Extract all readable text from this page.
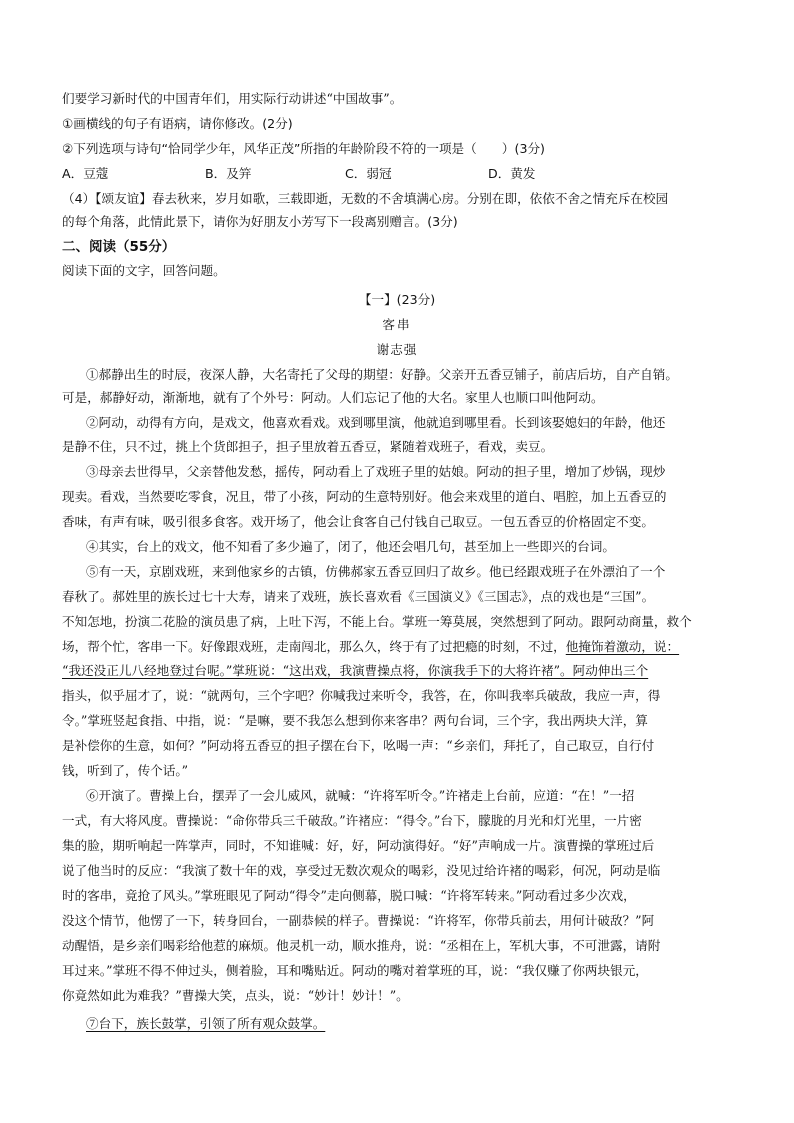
们要学习新时代的中国青年们，用实际行动讲述“中国故事”。
①画横线的句子有语病，请你修改。(2分)
②下列选项与诗句“恰同学少年，风华正茂”所指的年龄阶段不符的一项是（　　）(3分)
A．豆蔻	B．及笄	C．弱冠	D．黄发
（4）【颂友谊】春去秋来，岁月如歌，三载即逝，无数的不舍填满心房。分别在即，依依不舍之情充斥在校园
的每个角落，此情此景下，请你为好朋友小芳写下一段离别赠言。(3分)
二、阅读（55分）
阅读下面的文字，回答问题。
【一】(23分)
客串
谢志强
①郝静出生的时辰，夜深人静，大名寄托了父母的期望：好静。父亲开五香豆铺子，前店后坊，自产自销。
可是，郝静好动，渐渐地，就有了个外号：阿动。人们忘记了他的大名。家里人也顺口叫他阿动。
②阿动，动得有方向，是戏文，他喜欢看戏。戏到哪里演，他就追到哪里看。长到该娶媳妇的年龄，他还
是静不住，只不过，挑上个货郎担子，担子里放着五香豆，紧随着戏班子，看戏，卖豆。
③母亲去世得早，父亲替他发愁，摇传，阿动看上了戏班子里的姑娘。阿动的担子里，增加了炒锅，现炒
现卖。看戏，当然要吃零食，况且，带了小孩，阿动的生意特别好。他会来戏里的道白、唱腔，加上五香豆的
香味，有声有味，吸引很多食客。戏开场了，他会让食客自己付钱自己取豆。一包五香豆的价格固定不变。
④其实，台上的戏文，他不知看了多少遍了，闭了，他还会唱几句，甚至加上一些即兴的台词。
⑤有一天，京剧戏班，来到他家乡的古镇，仿佛郝家五香豆回归了故乡。他已经跟戏班子在外漂泊了一个
春秋了。郝姓里的族长过七十大寿，请来了戏班，族长喜欢看《三国演义》《三国志》，点的戏也是“三国”。
不知怎地，扮演二花脸的演员患了病，上吐下泻，不能上台。掌班一筹莫展，突然想到了阿动。跟阿动商量，救个
场，帮个忙，客串一下。好像跟戏班，走南闯北，那么久，终于有了过把瘾的时刻，不过，他掩饰着激动，说：
“我还没正儿八经地登过台呢。”掌班说：“这出戏，我演曹操点将，你演我手下的大将许褚”。阿动伸出三个
指头，似乎屈才了，说：“就两句，三个字吧？你喊我过来听令，我答，在，你叫我率兵破敌，我应一声，得
令。”掌班竖起食指、中指，说：“是嘛，要不我怎么想到你来客串？两句台词，三个字，我出两块大洋，算
是补偿你的生意，如何？”阿动将五香豆的担子摆在台下，吆喝一声：“乡亲们，拜托了，自己取豆，自行付
钱，听到了，传个话。”
⑥开演了。曹操上台，摆弄了一会儿威风，就喊：“许将军听令。”许褚走上台前，应道：“在！”一招
一式，有大将风度。曹操说：“命你带兵三千破敌。”许褚应：“得令。”台下，朦胧的月光和灯光里，一片密
集的脸，期听响起一阵掌声，同时，不知谁喊：好，好，阿动演得好。“好”声响成一片。演曹操的掌班过后
说了他当时的反应：“我演了数十年的戏，享受过无数次观众的喝彩，没见过给许褚的喝彩，何况，阿动是临
时的客串，竟抢了风头。”掌班眼见了阿动“得令”走向侧幕，脱口喊：“许将军转来。”阿动看过多少次戏，
没这个情节，他愣了一下，转身回台，一副恭候的样子。曹操说：“许将军，你带兵前去，用何计破敌？”阿
动醒悟，是乡亲们喝彩给他惹的麻烦。他灵机一动，顺水推舟，说：“丞相在上，军机大事，不可泄露，请附
耳过来。”掌班不得不伸过头，侧着脸，耳和嘴贴近。阿动的嘴对着掌班的耳，说：“我仅赚了你两块银元，
你竟然如此为难我？”曹操大笑，点头，说：“妙计！妙计！”。
⑦台下，族长鼓掌，引领了所有观众鼓掌。
